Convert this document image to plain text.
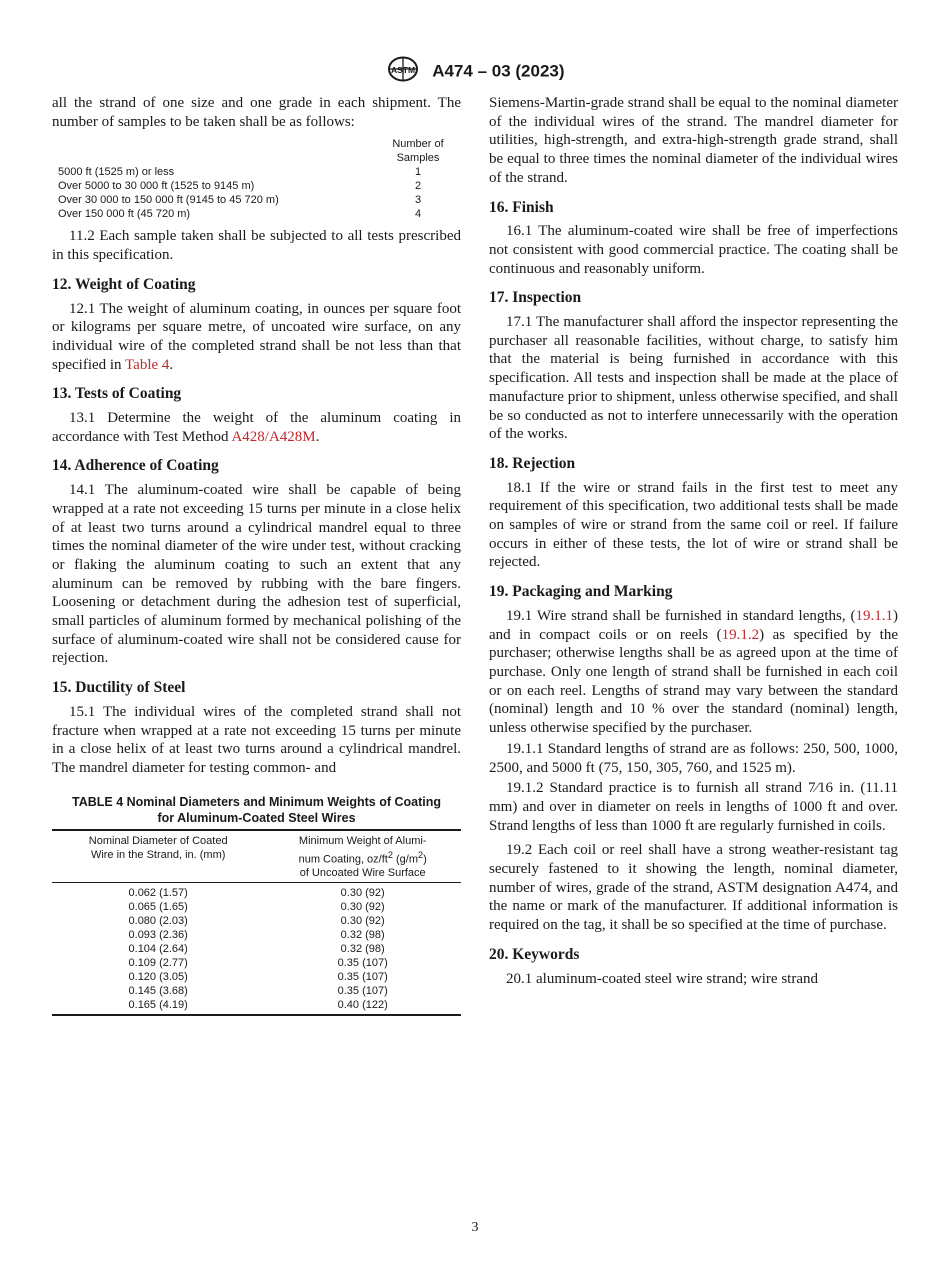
ASTM A474 – 03 (2023)

all the strand of one size and one grade in each shipment. The number of samples to be taken shall be as follows:

	Number of
Samples
5000 ft (1525 m) or less	1
Over 5000 to 30 000 ft (1525 to 9145 m)	2
Over 30 000 to 150 000 ft (9145 to 45 720 m)	3
Over 150 000 ft (45 720 m)	4

11.2 Each sample taken shall be subjected to all tests prescribed in this specification.

12. Weight of Coating

12.1 The weight of aluminum coating, in ounces per square foot or kilograms per square metre, of uncoated wire surface, on any individual wire of the completed strand shall be not less than that specified in Table 4.

13. Tests of Coating

13.1 Determine the weight of the aluminum coating in accordance with Test Method A428/A428M.

14. Adherence of Coating

14.1 The aluminum-coated wire shall be capable of being wrapped at a rate not exceeding 15 turns per minute in a close helix of at least two turns around a cylindrical mandrel equal to three times the nominal diameter of the wire under test, without cracking or flaking the aluminum coating to such an extent that any aluminum can be removed by rubbing with the bare fingers. Loosening or detachment during the adhesion test of superficial, small particles of aluminum formed by mechanical polishing of the surface of aluminum-coated wire shall not be considered cause for rejection.

15. Ductility of Steel

15.1 The individual wires of the completed strand shall not fracture when wrapped at a rate not exceeding 15 turns per minute in a close helix of at least two turns around a cylindrical mandrel. The mandrel diameter for testing common- and

TABLE 4 Nominal Diameters and Minimum Weights of Coating
for Aluminum-Coated Steel Wires
Nominal Diameter of Coated
Wire in the Strand, in. (mm)	Minimum Weight of Alumi-
num Coating, $oz/ft^2$ $(g/m^2)$
of Uncoated Wire Surface
0.062 (1.57)	0.30 (92)
0.065 (1.65)	0.30 (92)
0.080 (2.03)	0.30 (92)
0.093 (2.36)	0.32 (98)
0.104 (2.64)	0.32 (98)
0.109 (2.77)	0.35 (107)
0.120 (3.05)	0.35 (107)
0.145 (3.68)	0.35 (107)
0.165 (4.19)	0.40 (122)

Siemens-Martin-grade strand shall be equal to the nominal diameter of the individual wires of the strand. The mandrel diameter for utilities, high-strength, and extra-high-strength grade strand, shall be equal to three times the nominal diameter of the individual wires of the strand.

16. Finish

16.1 The aluminum-coated wire shall be free of imperfections not consistent with good commercial practice. The coating shall be continuous and reasonably uniform.

17. Inspection

17.1 The manufacturer shall afford the inspector representing the purchaser all reasonable facilities, without charge, to satisfy him that the material is being furnished in accordance with this specification. All tests and inspection shall be made at the place of manufacture prior to shipment, unless otherwise specified, and shall be so conducted as not to interfere unnecessarily with the operation of the works.

18. Rejection

18.1 If the wire or strand fails in the first test to meet any requirement of this specification, two additional tests shall be made on samples of wire or strand from the same coil or reel. If failure occurs in either of these tests, the lot of wire or strand shall be rejected.

19. Packaging and Marking

19.1 Wire strand shall be furnished in standard lengths, (19.1.1) and in compact coils or on reels (19.1.2) as specified by the purchaser; otherwise lengths shall be as agreed upon at the time of purchase. Only one length of strand shall be furnished in each coil or on each reel. Lengths of strand may vary between the standard (nominal) length and 10 % over the standard (nominal) length, unless otherwise specified by the purchaser.

19.1.1 Standard lengths of strand are as follows: 250, 500, 1000, 2500, and 5000 ft (75, 150, 305, 760, and 1525 m).

19.1.2 Standard practice is to furnish all strand 7⁄16 in. (11.11 mm) and over in diameter on reels in lengths of 1000 ft and over. Strand lengths of less than 1000 ft are regularly furnished in coils.

19.2 Each coil or reel shall have a strong weather-resistant tag securely fastened to it showing the length, nominal diameter, number of wires, grade of the strand, ASTM designation A474, and the name or mark of the manufacturer. If additional information is required on the tag, it shall be so specified at the time of purchase.

20. Keywords

20.1 aluminum-coated steel wire strand; wire strand

3
